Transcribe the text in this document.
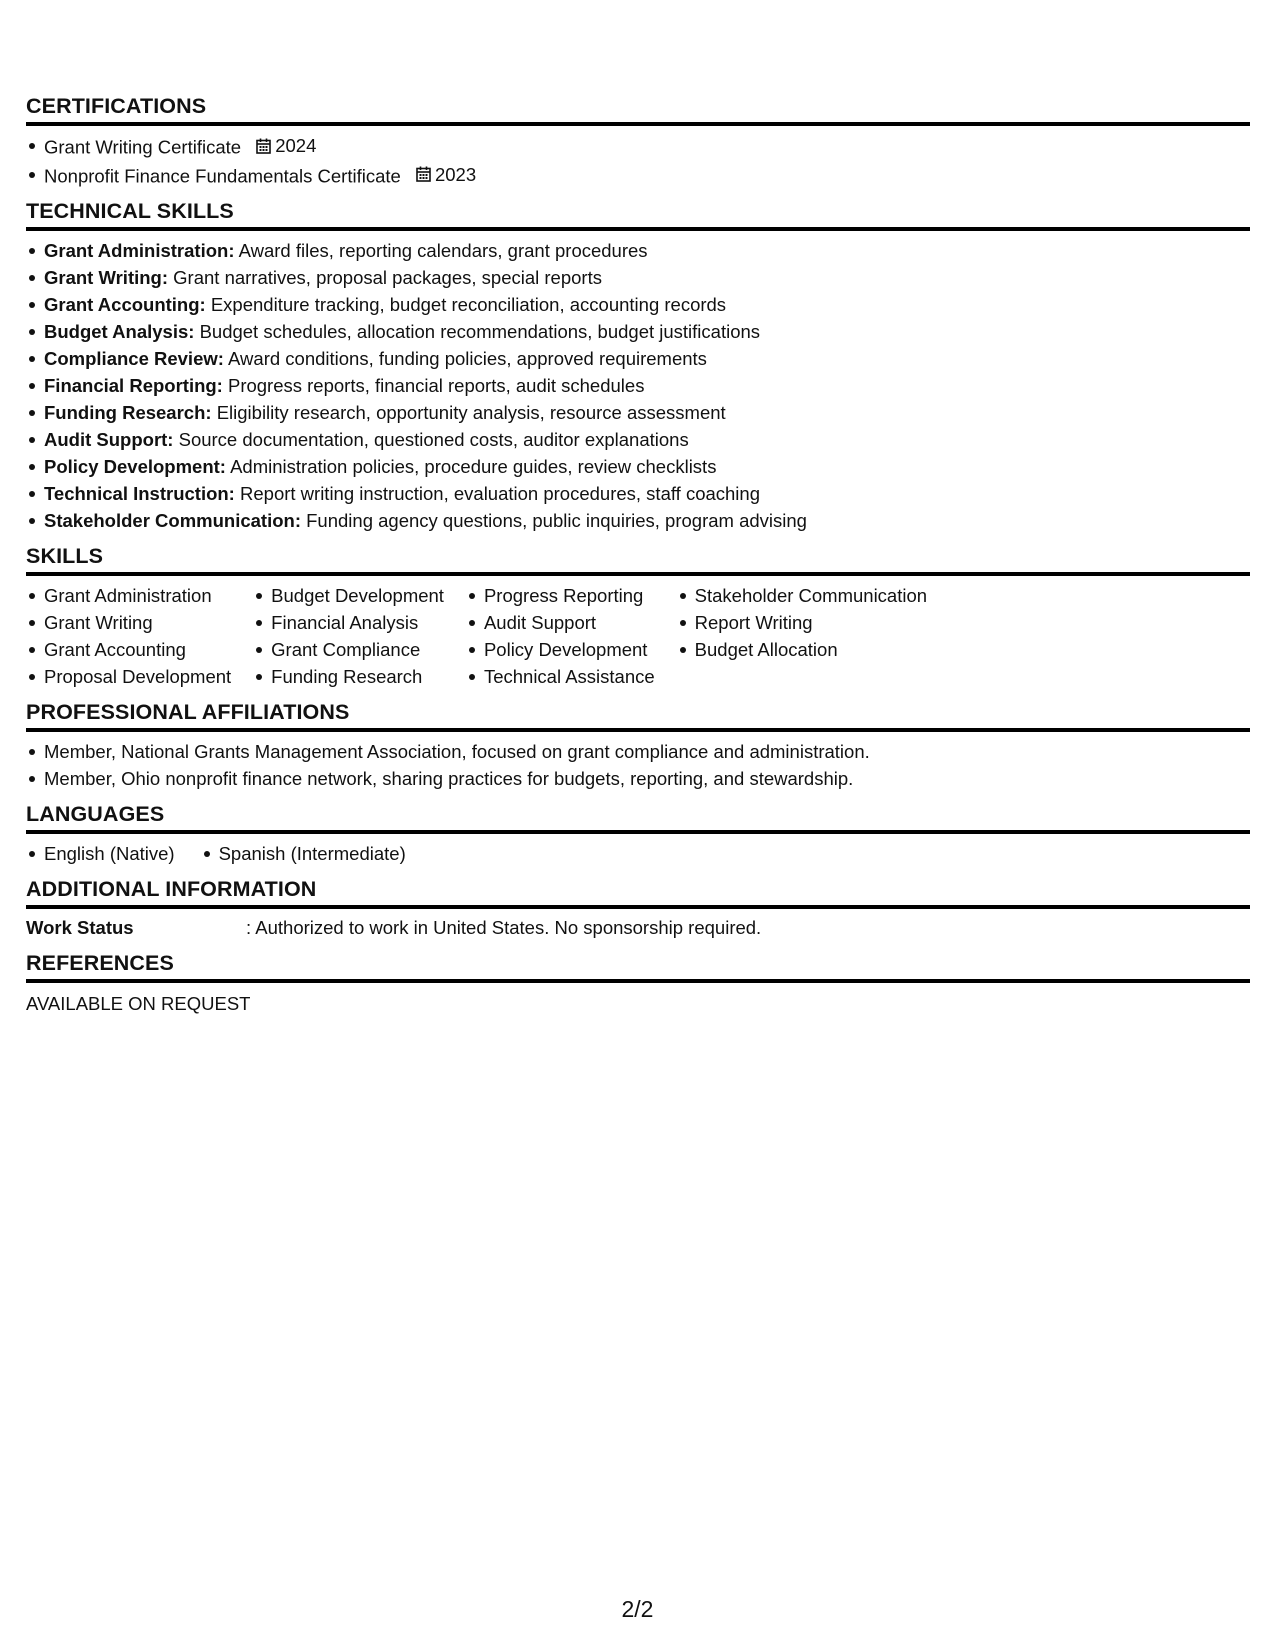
CERTIFICATIONS
Grant Writing Certificate 2024
Nonprofit Finance Fundamentals Certificate 2023
TECHNICAL SKILLS
Grant Administration: Award files, reporting calendars, grant procedures
Grant Writing: Grant narratives, proposal packages, special reports
Grant Accounting: Expenditure tracking, budget reconciliation, accounting records
Budget Analysis: Budget schedules, allocation recommendations, budget justifications
Compliance Review: Award conditions, funding policies, approved requirements
Financial Reporting: Progress reports, financial reports, audit schedules
Funding Research: Eligibility research, opportunity analysis, resource assessment
Audit Support: Source documentation, questioned costs, auditor explanations
Policy Development: Administration policies, procedure guides, review checklists
Technical Instruction: Report writing instruction, evaluation procedures, staff coaching
Stakeholder Communication: Funding agency questions, public inquiries, program advising
SKILLS
Grant Administration
Grant Writing
Grant Accounting
Proposal Development
Budget Development
Financial Analysis
Grant Compliance
Funding Research
Progress Reporting
Audit Support
Policy Development
Technical Assistance
Stakeholder Communication
Report Writing
Budget Allocation
PROFESSIONAL AFFILIATIONS
Member, National Grants Management Association, focused on grant compliance and administration.
Member, Ohio nonprofit finance network, sharing practices for budgets, reporting, and stewardship.
LANGUAGES
English (Native)	Spanish (Intermediate)
ADDITIONAL INFORMATION
Work Status	: Authorized to work in United States. No sponsorship required.
REFERENCES
AVAILABLE ON REQUEST
2/2
